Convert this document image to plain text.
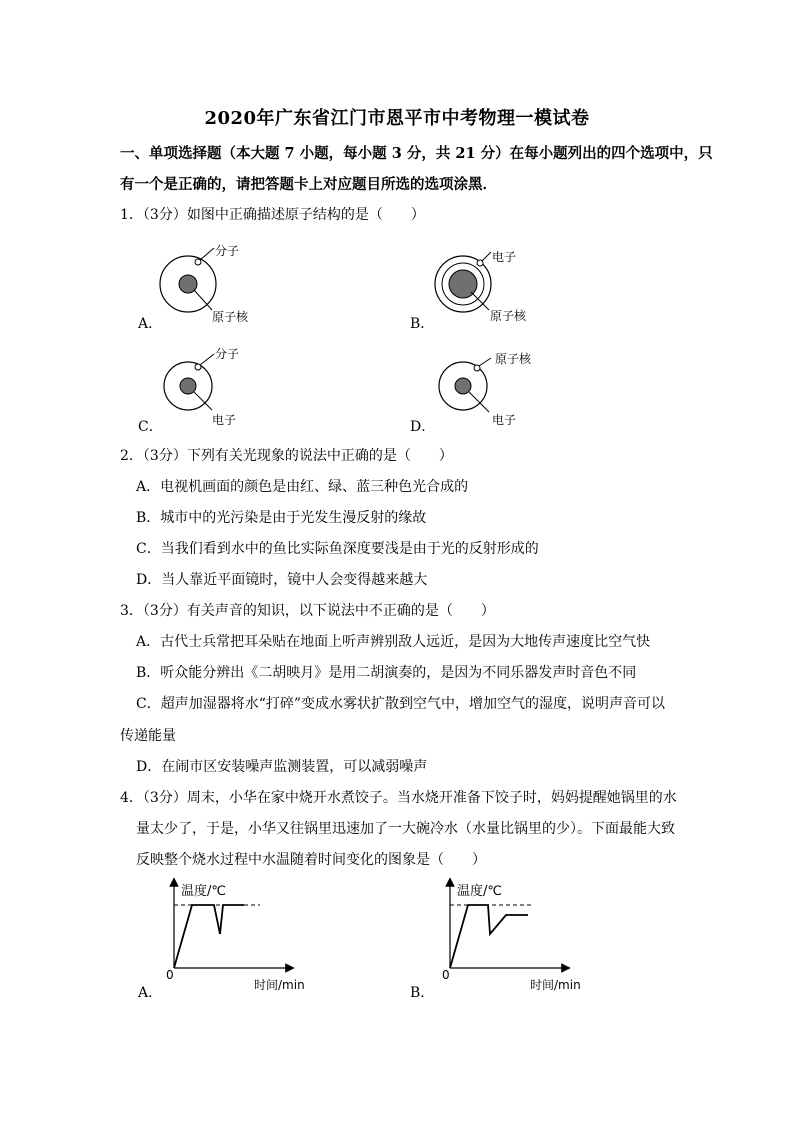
2020年广东省江门市恩平市中考物理一模试卷
一、单项选择题（本大题 7 小题，每小题 3 分，共 21 分）在每小题列出的四个选项中，只
有一个是正确的，请把答题卡上对应题目所选的选项涂黑．
1．（3分）如图中正确描述原子结构的是（　　）
分子
原子核
A．
电子
原子核
B．
分子
电子
C．
原子核
电子
D．
2．（3分）下列有关光现象的说法中正确的是（　　）
A．电视机画面的颜色是由红、绿、蓝三种色光合成的
B．城市中的光污染是由于光发生漫反射的缘故
C．当我们看到水中的鱼比实际鱼深度要浅是由于光的反射形成的
D．当人靠近平面镜时，镜中人会变得越来越大
3．（3分）有关声音的知识，以下说法中不正确的是（　　）
A．古代士兵常把耳朵贴在地面上听声辨别敌人远近，是因为大地传声速度比空气快
B．听众能分辨出《二胡映月》是用二胡演奏的，是因为不同乐器发声时音色不同
C．超声加湿器将水“打碎”变成水雾状扩散到空气中，增加空气的湿度，说明声音可以
传递能量
D．在闹市区安装噪声监测装置，可以减弱噪声
4．（3分）周末，小华在家中烧开水煮饺子。当水烧开准备下饺子时，妈妈提醒她锅里的水
量太少了，于是，小华又往锅里迅速加了一大碗冷水（水量比锅里的少）。下面最能大致
反映整个烧水过程中水温随着时间变化的图象是（　　）
温度/℃
时间/min
0
A．
温度/℃
时间/min
0
B．
